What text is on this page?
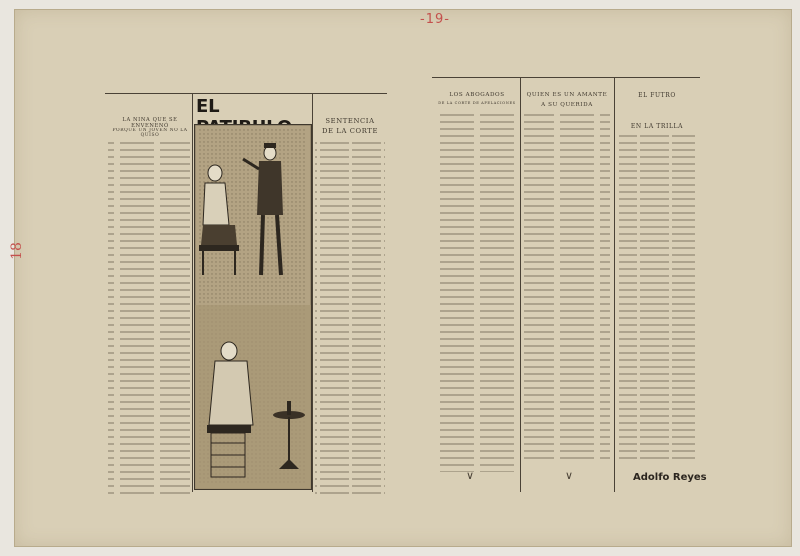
-19-
18
LA NIÑA QUE SE ENVENENÓ
PORQUE UN JOVEN NO LA QUISO
EL
SENTENCIA
DE LA CORTE
LOS ABOGADOS
DE LA CORTE DE APELACIONES
QUIEN ES UN AMANTE
A SU QUERIDA
EL FUTRO
EN LA TRILLA
∨	∨	Adolfo Reyes
